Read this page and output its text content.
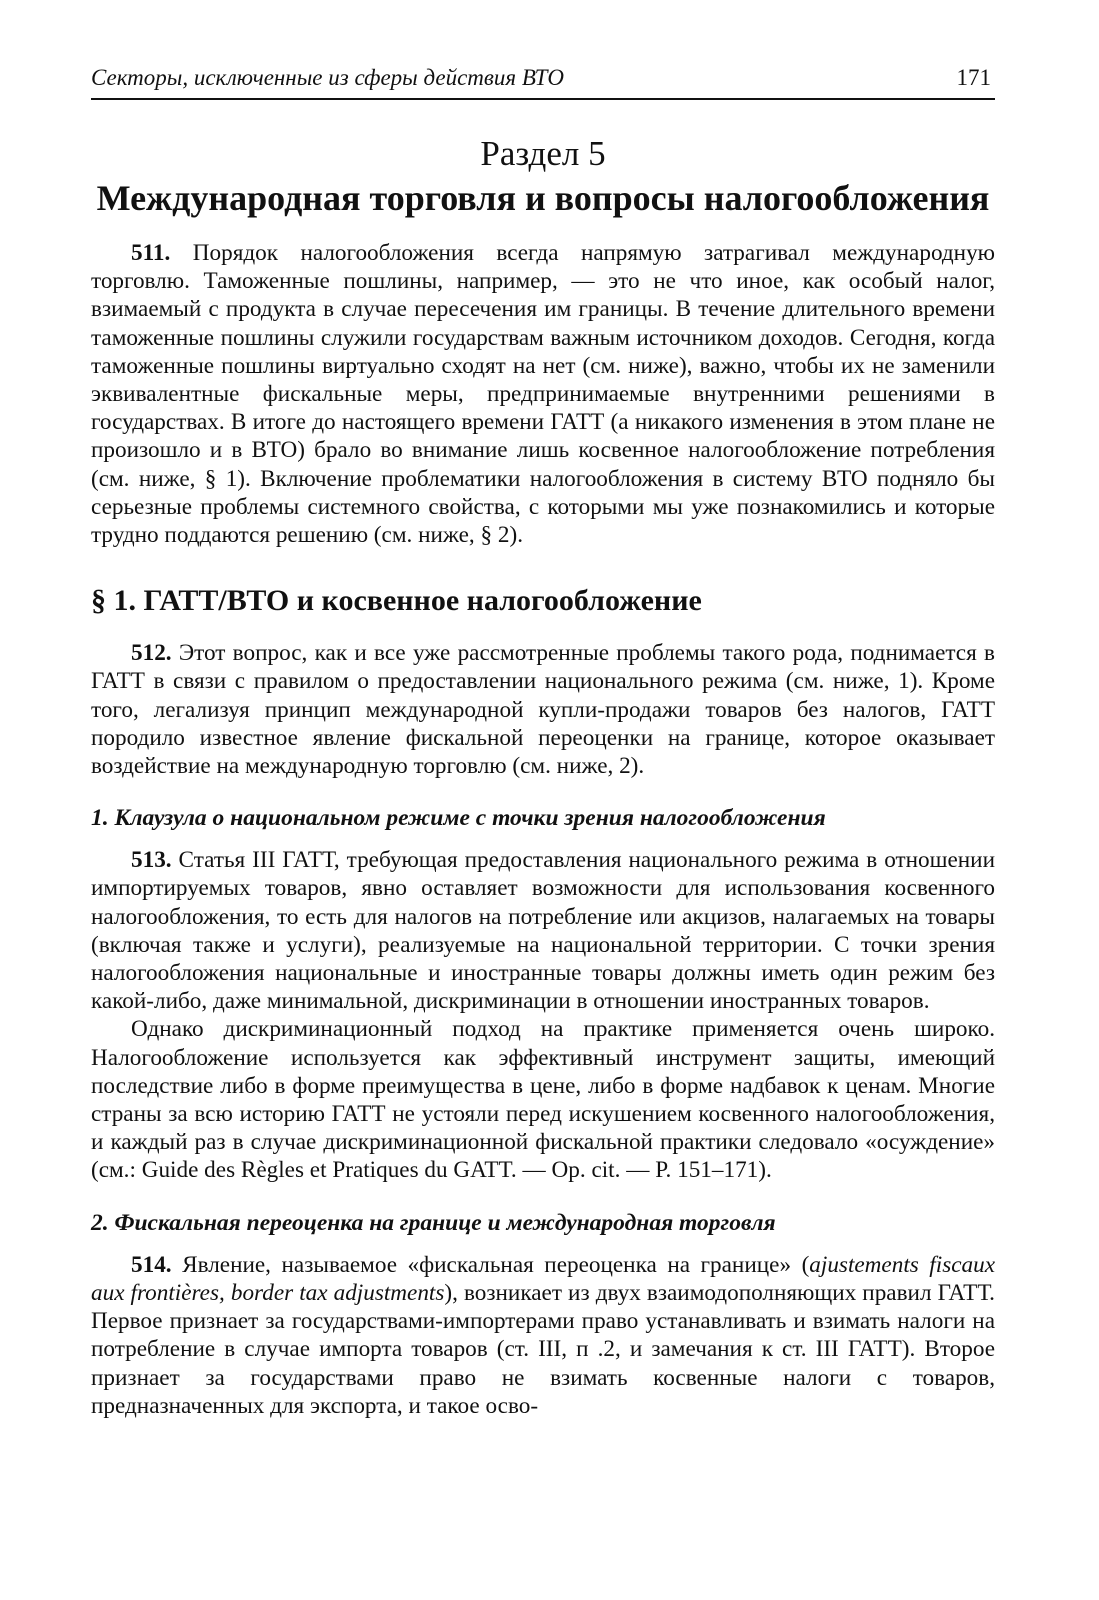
Секторы, исключенные из сферы действия ВТО	171
Раздел 5
Международная торговля и вопросы налогообложения

511. Порядок налогообложения всегда напрямую затрагивал международную торговлю. Таможенные пошлины, например, — это не что иное, как особый налог, взимаемый с продукта в случае пересечения им границы. В течение длительного времени таможенные пошлины служили государствам важным источником доходов. Сегодня, когда таможенные пошлины виртуально сходят на нет (см. ниже), важно, чтобы их не заменили эквивалентные фискальные меры, предпринимаемые внутренними решениями в государствах. В итоге до настоящего времени ГАТТ (а никакого изменения в этом плане не произошло и в ВТО) брало во внимание лишь косвенное налогообложение потребления (см. ниже, § 1). Включение проблематики налогообложения в систему ВТО подняло бы серьезные проблемы системного свойства, с которыми мы уже познакомились и которые трудно поддаются решению (см. ниже, § 2).

§ 1. ГАТТ/ВТО и косвенное налогообложение

512. Этот вопрос, как и все уже рассмотренные проблемы такого рода, поднимается в ГАТТ в связи с правилом о предоставлении национального режима (см. ниже, 1). Кроме того, легализуя принцип международной купли-продажи товаров без налогов, ГАТТ породило известное явление фискальной переоценки на границе, которое оказывает воздействие на международную торговлю (см. ниже, 2).

1. Клаузула о национальном режиме с точки зрения налогообложения

513. Статья III ГАТТ, требующая предоставления национального режима в отношении импортируемых товаров, явно оставляет возможности для использования косвенного налогообложения, то есть для налогов на потребление или акцизов, налагаемых на товары (включая также и услуги), реализуемые на национальной территории. С точки зрения налогообложения национальные и иностранные товары должны иметь один режим без какой-либо, даже минимальной, дискриминации в отношении иностранных товаров.

Однако дискриминационный подход на практике применяется очень широко. Налогообложение используется как эффективный инструмент защиты, имеющий последствие либо в форме преимущества в цене, либо в форме надбавок к ценам. Многие страны за всю историю ГАТТ не устояли перед искушением косвенного налогообложения, и каждый раз в случае дискриминационной фискальной практики следовало «осуждение» (см.: Guide des Règles et Pratiques du GATT. — Op. cit. — P. 151–171).

2. Фискальная переоценка на границе и международная торговля

514. Явление, называемое «фискальная переоценка на границе» (ajustements fiscaux aux frontières, border tax adjustments), возникает из двух взаимодополняющих правил ГАТТ. Первое признает за государствами-импортерами право устанавливать и взимать налоги на потребление в случае импорта товаров (ст. III, п .2, и замечания к ст. III ГАТТ). Второе признает за государствами право не взимать косвенные налоги с товаров, предназначенных для экспорта, и такое осво-
